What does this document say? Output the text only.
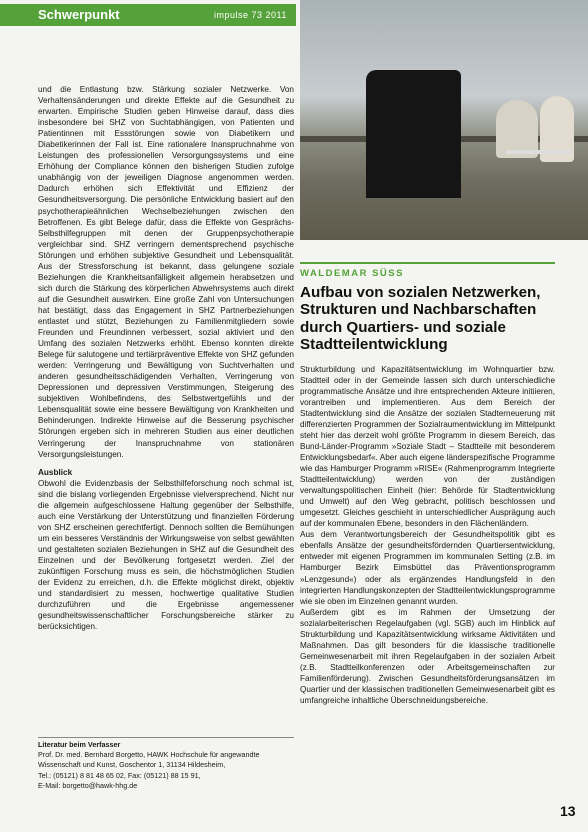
Schwerpunkt	impulse 73 2011

und die Entlastung bzw. Stärkung sozialer Netzwerke. Von Verhaltensänderungen und direkte Effekte auf die Gesundheit zu erwarten. Empirische Studien geben Hinweise darauf, dass dies insbesondere bei SHZ von Suchtabhängigen, von Patienten und Patientinnen mit Essstörungen sowie von Diabetikern und Diabetikerinnen der Fall ist. Eine rationalere Inanspruchnahme von Leistungen des professionellen Versorgungssystems und eine Erhöhung der Compliance können den bisherigen Studien zufolge unabhängig von der jeweiligen Diagnose angenommen werden. Dadurch erhöhen sich Effektivität und Effizienz der Gesundheitsversorgung. Die persönliche Entwicklung basiert auf den psychotherapieähnlichen Wechselbeziehungen zwischen den Betroffenen. Es gibt Belege dafür, dass die Effekte von Gesprächs-Selbsthilfegruppen mit denen der Gruppenpsychotherapie vergleichbar sind. SHZ verringern dementsprechend psychische Störungen und erhöhen subjektive Gesundheit und Lebensqualität. Aus der Stressforschung ist bekannt, dass gelungene soziale Beziehungen die Krankheitsanfälligkeit allgemein herabsetzen und sich durch die Stärkung des körperlichen Abwehrsystems auch direkt auf die Gesundheit auswirken. Eine große Zahl von Untersuchungen hat bestätigt, dass das Engagement in SHZ Partnerbeziehungen entlastet und stützt, Beziehungen zu Familienmitgliedern sowie Freunden und Freundinnen verbessert, sozial aktiviert und den Umfang des sozialen Netzwerks erhöht. Ebenso konnten direkte Belege für salutogene und tertiärpräventive Effekte von SHZ gefunden werden: Verringerung und Bewältigung von Suchtverhalten und anderen gesundheitsschädigenden Verhalten, Verringerung von Depressionen und depressiven Verstimmungen, Steigerung des subjektiven Wohlbefindens, des Selbstwertgefühls und der Lebensqualität sowie eine bessere Bewältigung von Krankheiten und Behinderungen. Indirekte Hinweise auf die Besserung psychischer Störungen ergeben sich in mehreren Studien aus einer deutlichen Verringerung der Inanspruchnahme von stationären Versorgungsleistungen.

Ausblick

Obwohl die Evidenzbasis der Selbsthilfeforschung noch schmal ist, sind die bislang vorliegenden Ergebnisse vielversprechend. Nicht nur die allgemein aufgeschlossene Haltung gegenüber der Selbsthilfe, auch eine Verstärkung der Unterstützung und finanziellen Förderung von SHZ erscheinen gerechtfertigt. Dennoch sollten die Bemühungen um ein besseres Verständnis der Wirkungsweise von selbst gewählten und gestalteten sozialen Beziehungen in SHZ auf die Gesundheit des Einzelnen und der Bevölkerung fortgesetzt werden. Ziel der zukünftigen Forschung muss es sein, die höchstmöglichen Studien der Evidenz zu erreichen, d.h. die Effekte möglichst direkt, objektiv und standardisiert zu messen, hochwertige qualitative Studien durchzuführen und die Ergebnisse angemessener gesundheitswissenschaftlicher Forschungsbereiche stärker zu berücksichtigen.

Literatur beim Verfasser
Prof. Dr. med. Bernhard Borgetto, HAWK Hochschule für angewandte
Wissenschaft und Kunst, Goschentor 1, 31134 Hildesheim,
Tel.: (05121) 8 81 48 65 02, Fax: (05121) 88 15 91,
E-Mail: borgetto@hawk-hhg.de
WALDEMAR SÜSS
Aufbau von sozialen Netzwerken, Strukturen und Nachbarschaften durch Quartiers- und soziale Stadtteilentwicklung

Strukturbildung und Kapazitätsentwicklung im Wohnquartier bzw. Stadtteil oder in der Gemeinde lassen sich durch unterschiedliche programmatische Ansätze und ihre entsprechenden Akteure initiieren, vorantreiben und implementieren. Aus dem Bereich der Stadtentwicklung sind die Ansätze der sozialen Stadterneuerung mit differenzierten Programmen der Sozialraumentwicklung im Mittelpunkt steht hier das derzeit wohl größte Programm in diesem Bereich, das Bund-Länder-Programm »Soziale Stadt – Stadtteile mit besonderem Entwicklungsbedarf«. Aber auch eigene länderspezifische Programme wie das Hamburger Programm »RISE« (Rahmenprogramm Integrierte Stadtteilentwicklung) werden von der zuständigen verwaltungspolitischen Einheit (hier: Behörde für Stadtentwicklung und Umwelt) auf den Weg gebracht, politisch beschlossen und umgesetzt. Gleiches geschieht in unterschiedlicher Ausprägung auch auf der kommunalen Ebene, besonders in den Flächenländern.

Aus dem Verantwortungsbereich der Gesundheitspolitik gibt es ebenfalls Ansätze der gesundheitsfördernden Quartiersentwicklung, entweder mit eigenen Programmen im kommunalen Setting (z.B. im Hamburger Bezirk Eimsbüttel das Präventionsprogramm »Lenzgesund«) oder als ergänzendes Handlungsfeld in den integrierten Handlungskonzepten der Stadtteilentwicklungsprogramme wie sie oben im Einzelnen genannt wurden.

Außerdem gibt es im Rahmen der Umsetzung der sozialarbeiterischen Regelaufgaben (vgl. SGB) auch im Hinblick auf Strukturbildung und Kapazitätsentwicklung wirksame Aktivitäten und Maßnahmen. Das gilt besonders für die klassische traditionelle Gemeinwesenarbeit mit ihren Regelaufgaben in der sozialen Arbeit (z.B. Stadtteilkonferenzen oder Arbeitsgemeinschaften zur Familienförderung). Zwischen Gesundheitsförderungsansätzen im Quartier und der klassischen traditionellen Gemeinwesenarbeit gibt es umfangreiche inhaltliche Überschneidungsbereiche.

13
